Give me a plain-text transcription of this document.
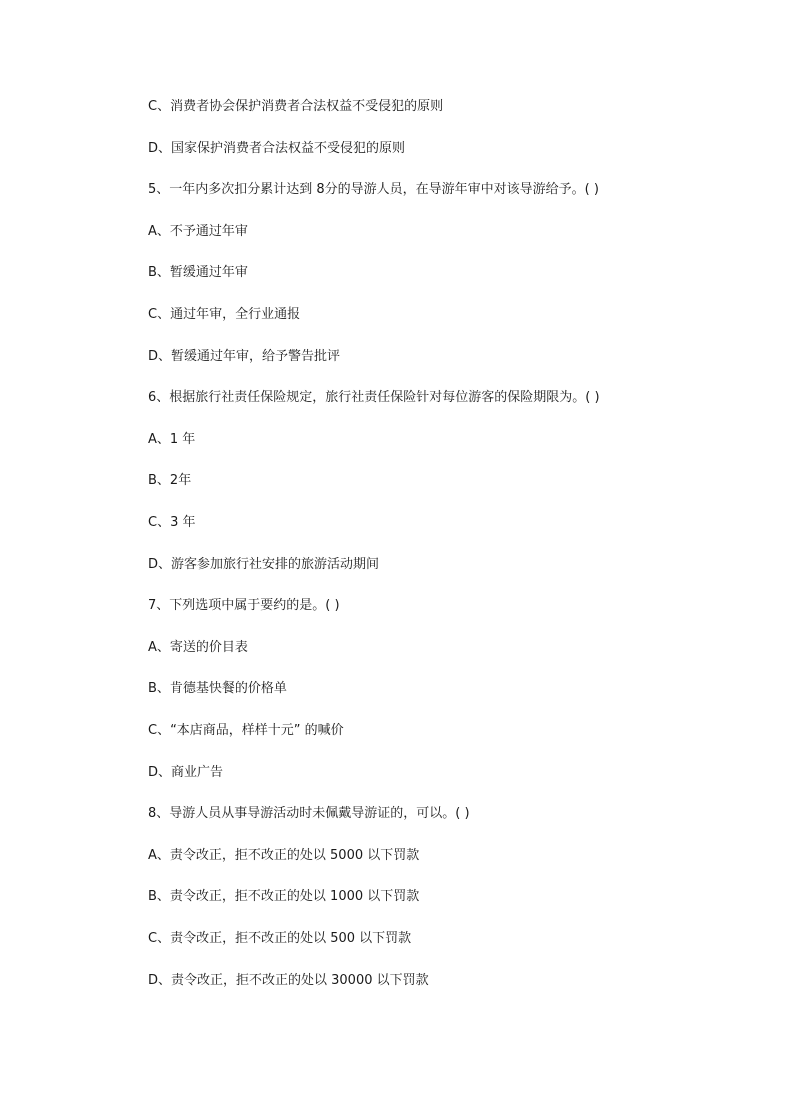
C、消费者协会保护消费者合法权益不受侵犯的原则
D、国家保护消费者合法权益不受侵犯的原则
5、一年内多次扣分累计达到 8分的导游人员，在导游年审中对该导游给予。( )
A、不予通过年审
B、暂缓通过年审
C、通过年审，全行业通报
D、暂缓通过年审，给予警告批评
6、根据旅行社责任保险规定，旅行社责任保险针对每位游客的保险期限为。( )
A、1 年
B、2年
C、3 年
D、游客参加旅行社安排的旅游活动期间
7、下列选项中属于要约的是。( )
A、寄送的价目表
B、肯德基快餐的价格单
C、“本店商品，样样十元” 的喊价
D、商业广告
8、导游人员从事导游活动时未佩戴导游证的，可以。( )
A、责令改正，拒不改正的处以 5000 以下罚款
B、责令改正，拒不改正的处以 1000 以下罚款
C、责令改正，拒不改正的处以 500 以下罚款
D、责令改正，拒不改正的处以 30000 以下罚款
